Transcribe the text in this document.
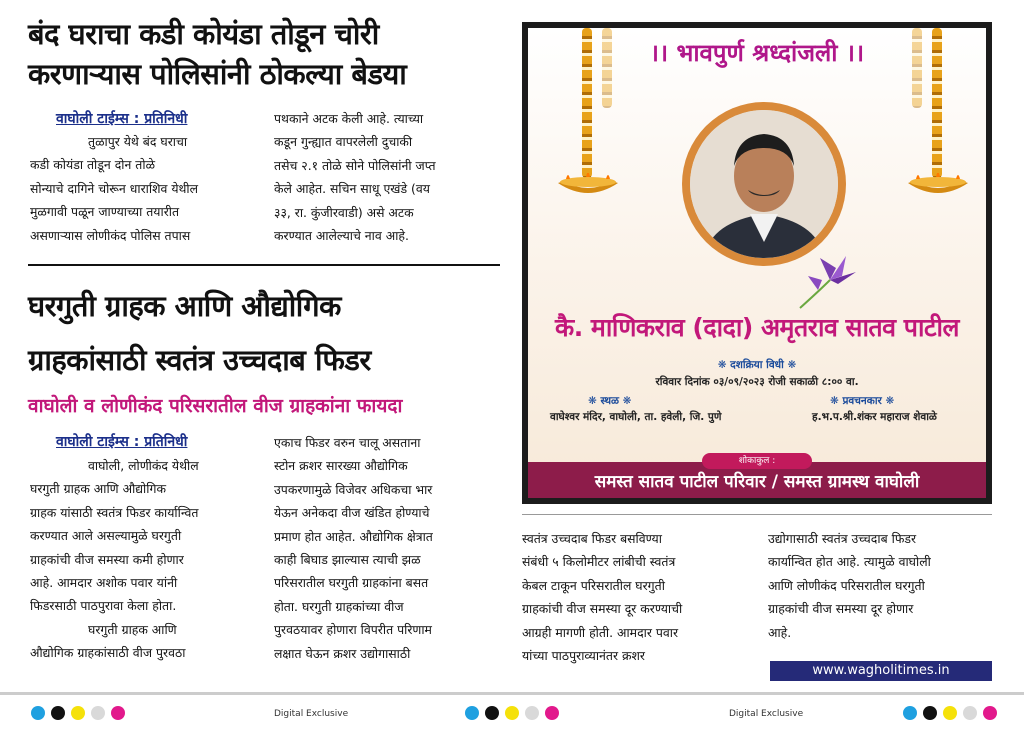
बंद घराचा कडी कोयंडा तोडून चोरी
करणाऱ्यास पोलिसांनी ठोकल्या बेडया
वाघोली टाईम्स : प्रतिनिधी
तुळापुर येथे बंद घराचा
कडी कोयंडा तोडून दोन तोळे
सोन्याचे दागिने चोरून धाराशिव येथील
मुळगावी पळून जाण्याच्या तयारीत
असणाऱ्यास लोणीकंद पोलिस तपास
पथकाने अटक केली आहे. त्याच्या
कडून गुन्ह्यात वापरलेली दुचाकी
तसेच २.१ तोळे सोने पोलिसांनी जप्त
केले आहेत. सचिन साधू एखंडे (वय
३३, रा. कुंजीरवाडी) असे अटक
करण्यात आलेल्याचे नाव आहे.
घरगुती ग्राहक आणि औद्योगिक
ग्राहकांसाठी स्वतंत्र उच्चदाब फिडर
वाघोली व लोणीकंद परिसरातील वीज ग्राहकांना फायदा
वाघोली टाईम्स : प्रतिनिधी
वाघोली, लोणीकंद येथील
घरगुती ग्राहक आणि औद्योगिक
ग्राहक यांसाठी स्वतंत्र फिडर कार्यान्वित
करण्यात आले असल्यामुळे घरगुती
ग्राहकांची वीज समस्या कमी होणार
आहे. आमदार अशोक पवार यांनी
फिडरसाठी पाठपुरावा केला होता.
घरगुती ग्राहक आणि
औद्योगिक ग्राहकांसाठी वीज पुरवठा
एकाच फिडर वरुन चालू असताना
स्टोन क्रशर सारख्या औद्योगिक
उपकरणामुळे विजेवर अधिकचा भार
येऊन अनेकदा वीज खंडित होण्याचे
प्रमाण होत आहेत. औद्योगिक क्षेत्रात
काही बिघाड झाल्यास त्याची झळ
परिसरातील घरगुती ग्राहकांना बसत
होता. घरगुती ग्राहकांच्या वीज
पुरवठयावर होणारा विपरीत परिणाम
लक्षात घेऊन क्रशर उद्योगासाठी
स्वतंत्र उच्चदाब फिडर बसविण्या
संबंधी ५ किलोमीटर लांबीची स्वतंत्र
केबल टाकून परिसरातील घरगुती
ग्राहकांची वीज समस्या दूर करण्याची
आग्रही मागणी होती. आमदार पवार
यांच्या पाठपुराव्यानंतर क्रशर
उद्योगासाठी स्वतंत्र उच्चदाब फिडर
कार्यान्वित होत आहे. त्यामुळे वाघोली
आणि लोणीकंद परिसरातील घरगुती
ग्राहकांची वीज समस्या दूर होणार
आहे.
www.wagholitimes.in
।। भावपुर्ण श्रध्दांजली ।।
कै. माणिकराव (दादा) अमृतराव सातव पाटील
❋ दशक्रिया विधी ❋
रविवार दिनांक ०३/०९/२०२३ रोजी सकाळी ८:०० वा.
❋ स्थळ ❋
वाघेश्वर मंदिर, वाघोली, ता. हवेली, जि. पुणे
❋ प्रवचनकार ❋
ह.भ.प.श्री.शंकर महाराज शेवाळे
समस्त सातव पाटील परिवार / समस्त ग्रामस्थ वाघोली
शोकाकुल :
Digital Exclusive	Digital Exclusive
